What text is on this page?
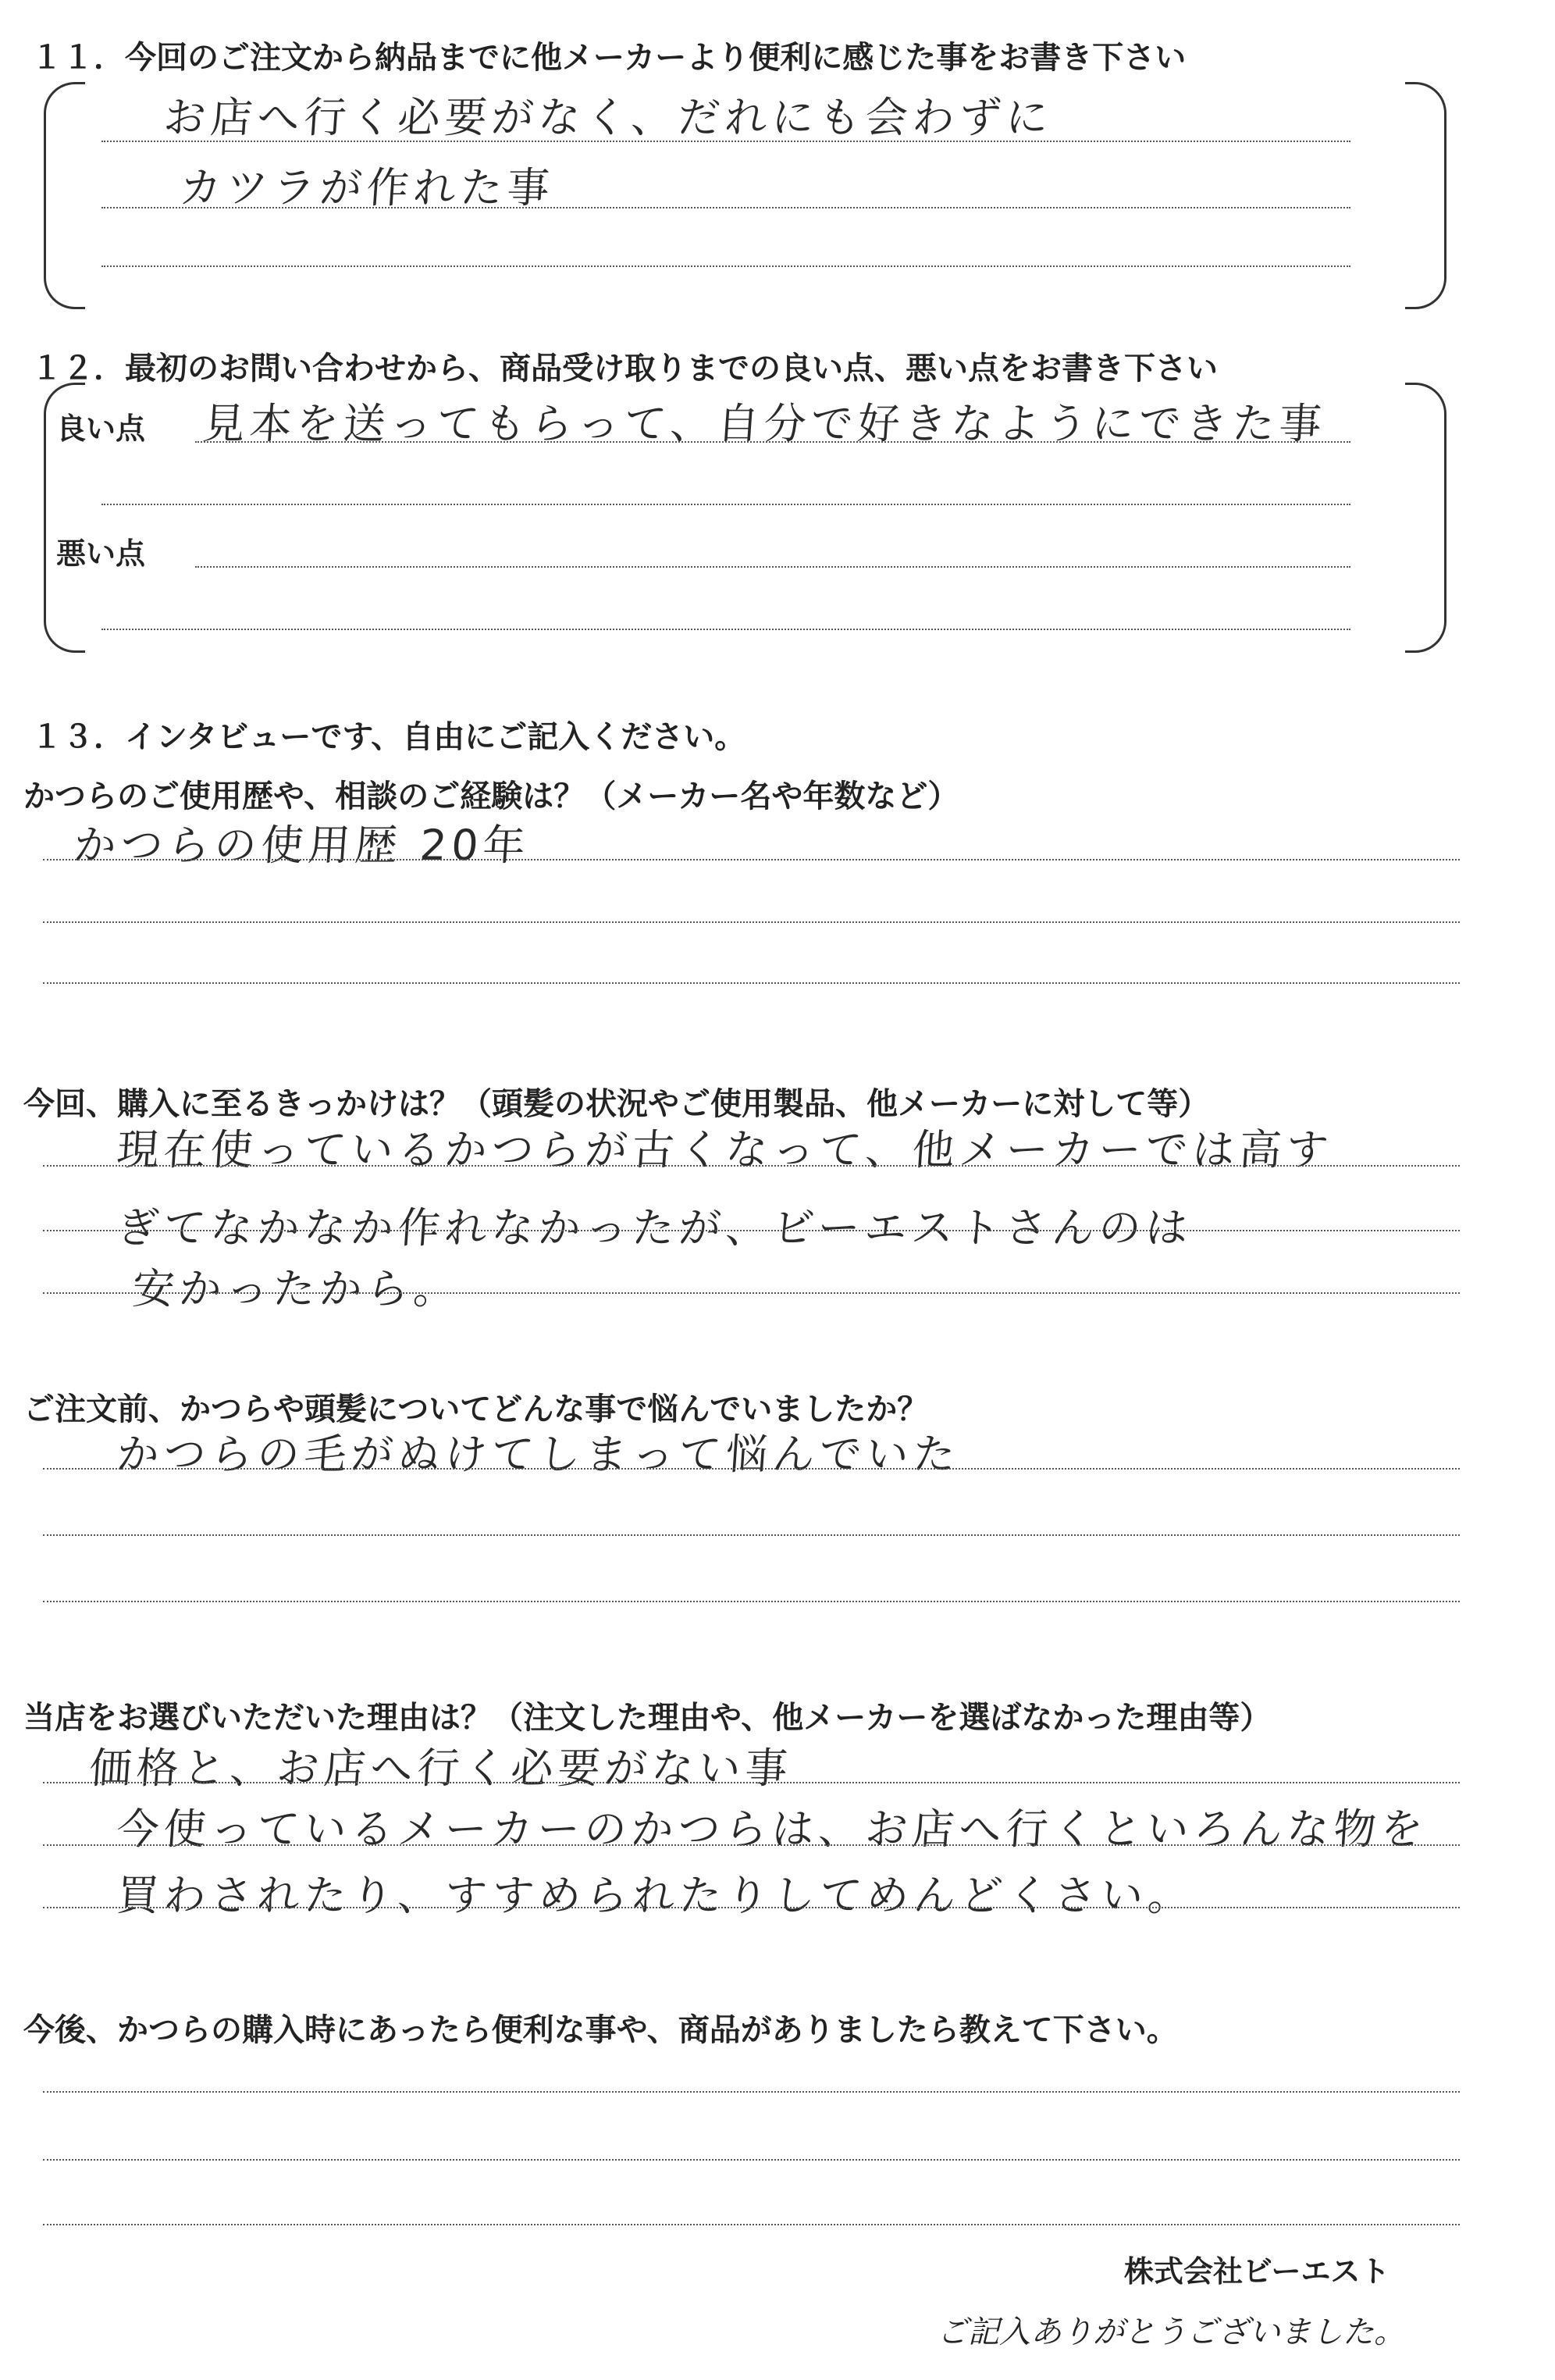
１１．今回のご注文から納品までに他メーカーより便利に感じた事をお書き下さい
お店へ行く必要がなく、だれにも会わずに
カツラが作れた事
１２．最初のお問い合わせから、商品受け取りまでの良い点、悪い点をお書き下さい
良い点 見本を送ってもらって、自分で好きなようにできた事
悪い点
１３．インタビューです、自由にご記入ください。
かつらのご使用歴や、相談のご経験は？（メーカー名や年数など）
かつらの使用歴 20年
今回、購入に至るきっかけは？（頭髪の状況やご使用製品、他メーカーに対して等）
現在使っているかつらが古くなって、他メーカーでは高す
ぎてなかなか作れなかったが、ビーエストさんのは
安かったから。
ご注文前、かつらや頭髪についてどんな事で悩んでいましたか？
かつらの毛がぬけてしまって悩んでいた
当店をお選びいただいた理由は？（注文した理由や、他メーカーを選ばなかった理由等）
価格と、お店へ行く必要がない事
今使っているメーカーのかつらは、お店へ行くといろんな物を
買わされたり、すすめられたりしてめんどくさい。
今後、かつらの購入時にあったら便利な事や、商品がありましたら教えて下さい。
株式会社ビーエスト
ご記入ありがとうございました。
